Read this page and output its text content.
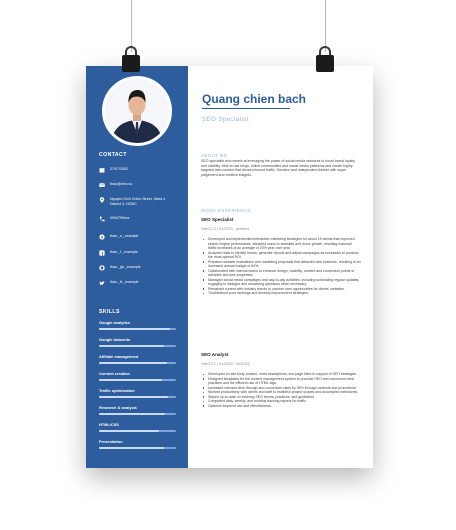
CONTACT
27/07/2002
thao@viecv.io
Nguyen Dinh Chieu Street, Ward x, District 3, HCMC
0904799xxx
S thao._s._example
f thao._f._example
thao._gh._example
thao._tt._example
SKILLS
Google analytics
Google Adwords
Affiliate management
Content creation
Traffic optimization
Research & analysis
HTML/CSS
Presentation
Quang chien bach
SEO Specialist
ABOUT ME
SEO specialist who excels at leveraging the power of social media networks to boost brand loyalty and visibility. Able to use blogs, online communities and social media platforms and create highly-targeted web content that drives inbound traffic. Decisive and independent thinker with super judgement and creative insights.
WORK EXPERIENCE
SEO Specialist
VietCV 2 | 01/2023 - present
Developed and implemented interactive marketing strategies for about 15 clients that improved search engine performance, attracted users to websites and drove growth, resulting inannual traffic increases of an average of 23% year over year.
Analyzed data to identify trends, generate reports and adjust campaigns as necessary to produce the most optimal ROI.
Prepared website evaluations and marketing proposals that attracted new business, resulting in an increased annual budget of 54%.
Collaborated with internal teams to enhance design, usability, content and conversion points of websites and web properties.
Managed social media campaigns and day-to-day activities, including scheduling regular updates, engaging in dialogue and answering questions when necessary.
Remained current with industry trends to uncover new opportunities for clients' websites.
Troubleshoot poor rankings and develop improvement strategies.
SEO Analyst
VietCV 1 | 01/2020 - 09/2022
Developed on-site body content, meta descriptions, and page titles in support of SEO strategies.
Designed templates for the content management system to promote SEO and conversion best practices and the efficient use of HTML tags.
Increased relevant click-through and conversion rates by 35% through contests and promotions.
Worked productively with clients and staff to establish project scopes and accomplish milestones.
Stayed up-to-date on evolving SEO trends, practices, and guidelines.
Completed daily, weekly, and monthly tracking reports for traffic.
Optimize keyword use and effectiveness.
